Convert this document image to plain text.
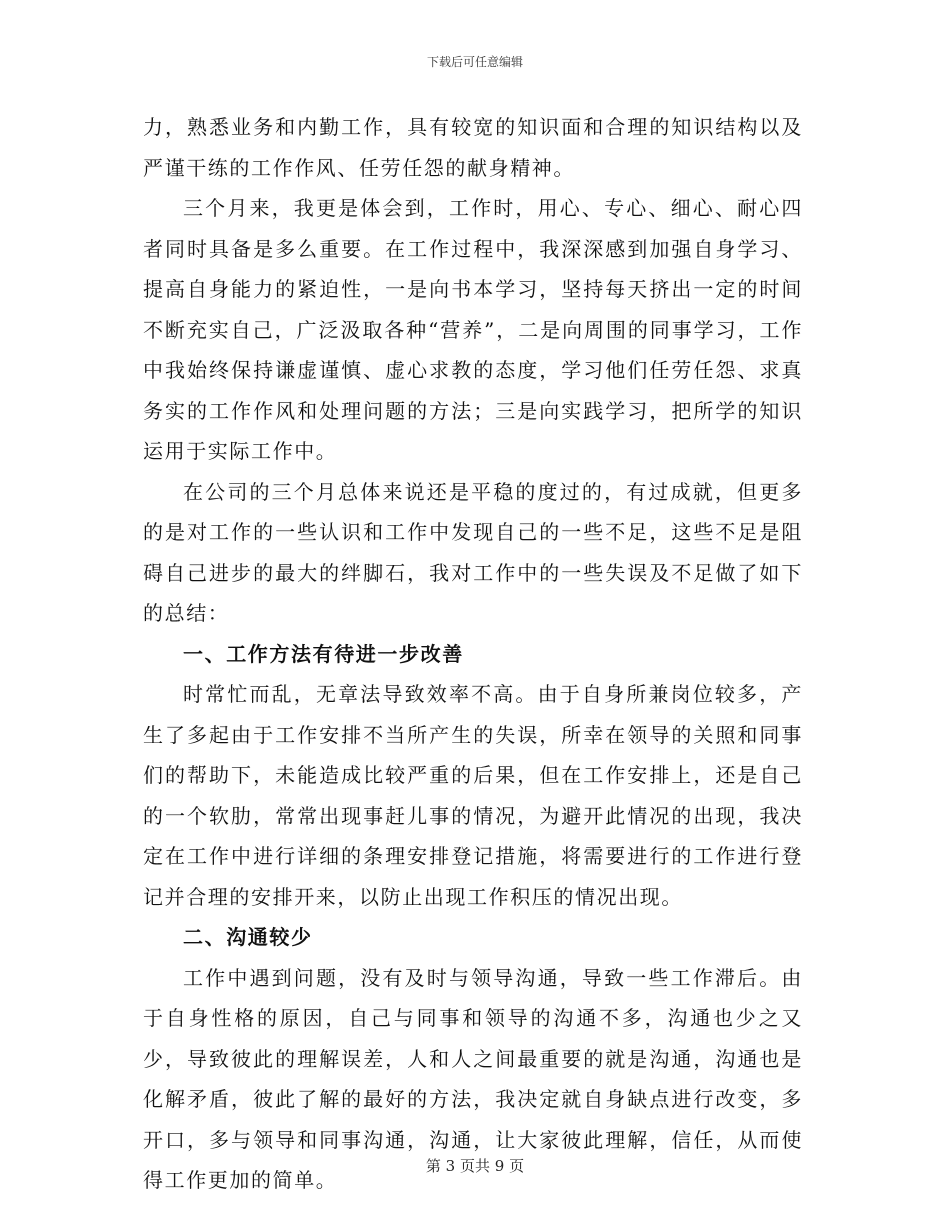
下载后可任意编辑

力，熟悉业务和内勤工作，具有较宽的知识面和合理的知识结构以及严谨干练的工作作风、任劳任怨的献身精神。

三个月来，我更是体会到，工作时，用心、专心、细心、耐心四者同时具备是多么重要。在工作过程中，我深深感到加强自身学习、提高自身能力的紧迫性，一是向书本学习，坚持每天挤出一定的时间不断充实自己，广泛汲取各种“营养”，二是向周围的同事学习，工作中我始终保持谦虚谨慎、虚心求教的态度，学习他们任劳任怨、求真务实的工作作风和处理问题的方法；三是向实践学习，把所学的知识运用于实际工作中。

在公司的三个月总体来说还是平稳的度过的，有过成就，但更多的是对工作的一些认识和工作中发现自己的一些不足，这些不足是阻碍自己进步的最大的绊脚石，我对工作中的一些失误及不足做了如下的总结：

一、工作方法有待进一步改善

时常忙而乱，无章法导致效率不高。由于自身所兼岗位较多，产生了多起由于工作安排不当所产生的失误，所幸在领导的关照和同事们的帮助下，未能造成比较严重的后果，但在工作安排上，还是自己的一个软肋，常常出现事赶儿事的情况，为避开此情况的出现，我决定在工作中进行详细的条理安排登记措施，将需要进行的工作进行登记并合理的安排开来，以防止出现工作积压的情况出现。

二、沟通较少

工作中遇到问题，没有及时与领导沟通，导致一些工作滞后。由于自身性格的原因，自己与同事和领导的沟通不多，沟通也少之又少，导致彼此的理解误差，人和人之间最重要的就是沟通，沟通也是化解矛盾，彼此了解的最好的方法，我决定就自身缺点进行改变，多开口，多与领导和同事沟通，沟通，让大家彼此理解，信任，从而使得工作更加的简单。

第 3 页共 9 页
